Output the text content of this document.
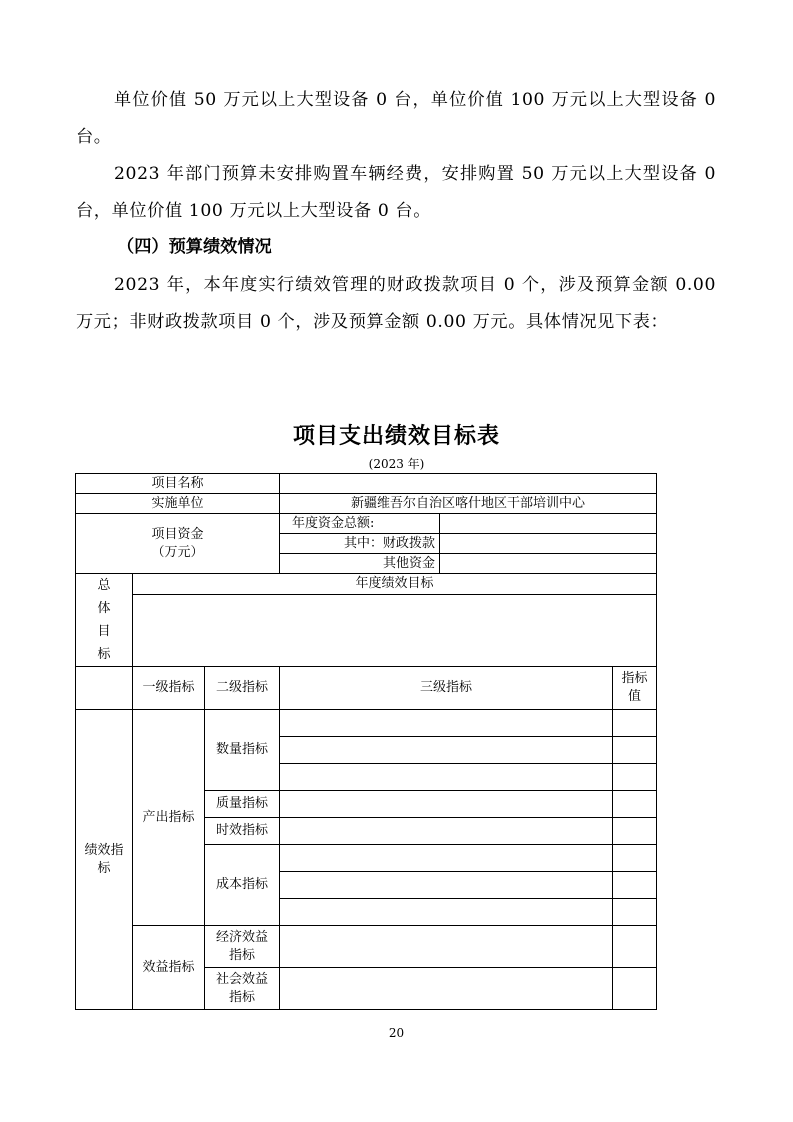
单位价值 50 万元以上大型设备 0 台，单位价值 100 万元以上大型设备 0 台。

2023 年部门预算未安排购置车辆经费，安排购置 50 万元以上大型设备 0 台，单位价值 100 万元以上大型设备 0 台。

（四）预算绩效情况

2023 年，本年度实行绩效管理的财政拨款项目 0 个，涉及预算金额 0.00 万元；非财政拨款项目 0 个，涉及预算金额 0.00 万元。具体情况见下表：

项目支出绩效目标表

(2023 年)

项目名称					
实施单位			新疆维吾尔自治区喀什地区干部培训中心		

项目资金
（万元）			年度资金总额:		
			其中：财政拨款		
			其他资金		

总
体
目
标	年度绩效目标				

	一级指标	二级指标	三级指标		指标
值

绩效指
标	产出指标	数量指标			

		质量指标			
		时效指标			
		成本指标			

	效益指标	经济效益
指标			

		社会效益
指标			

20
